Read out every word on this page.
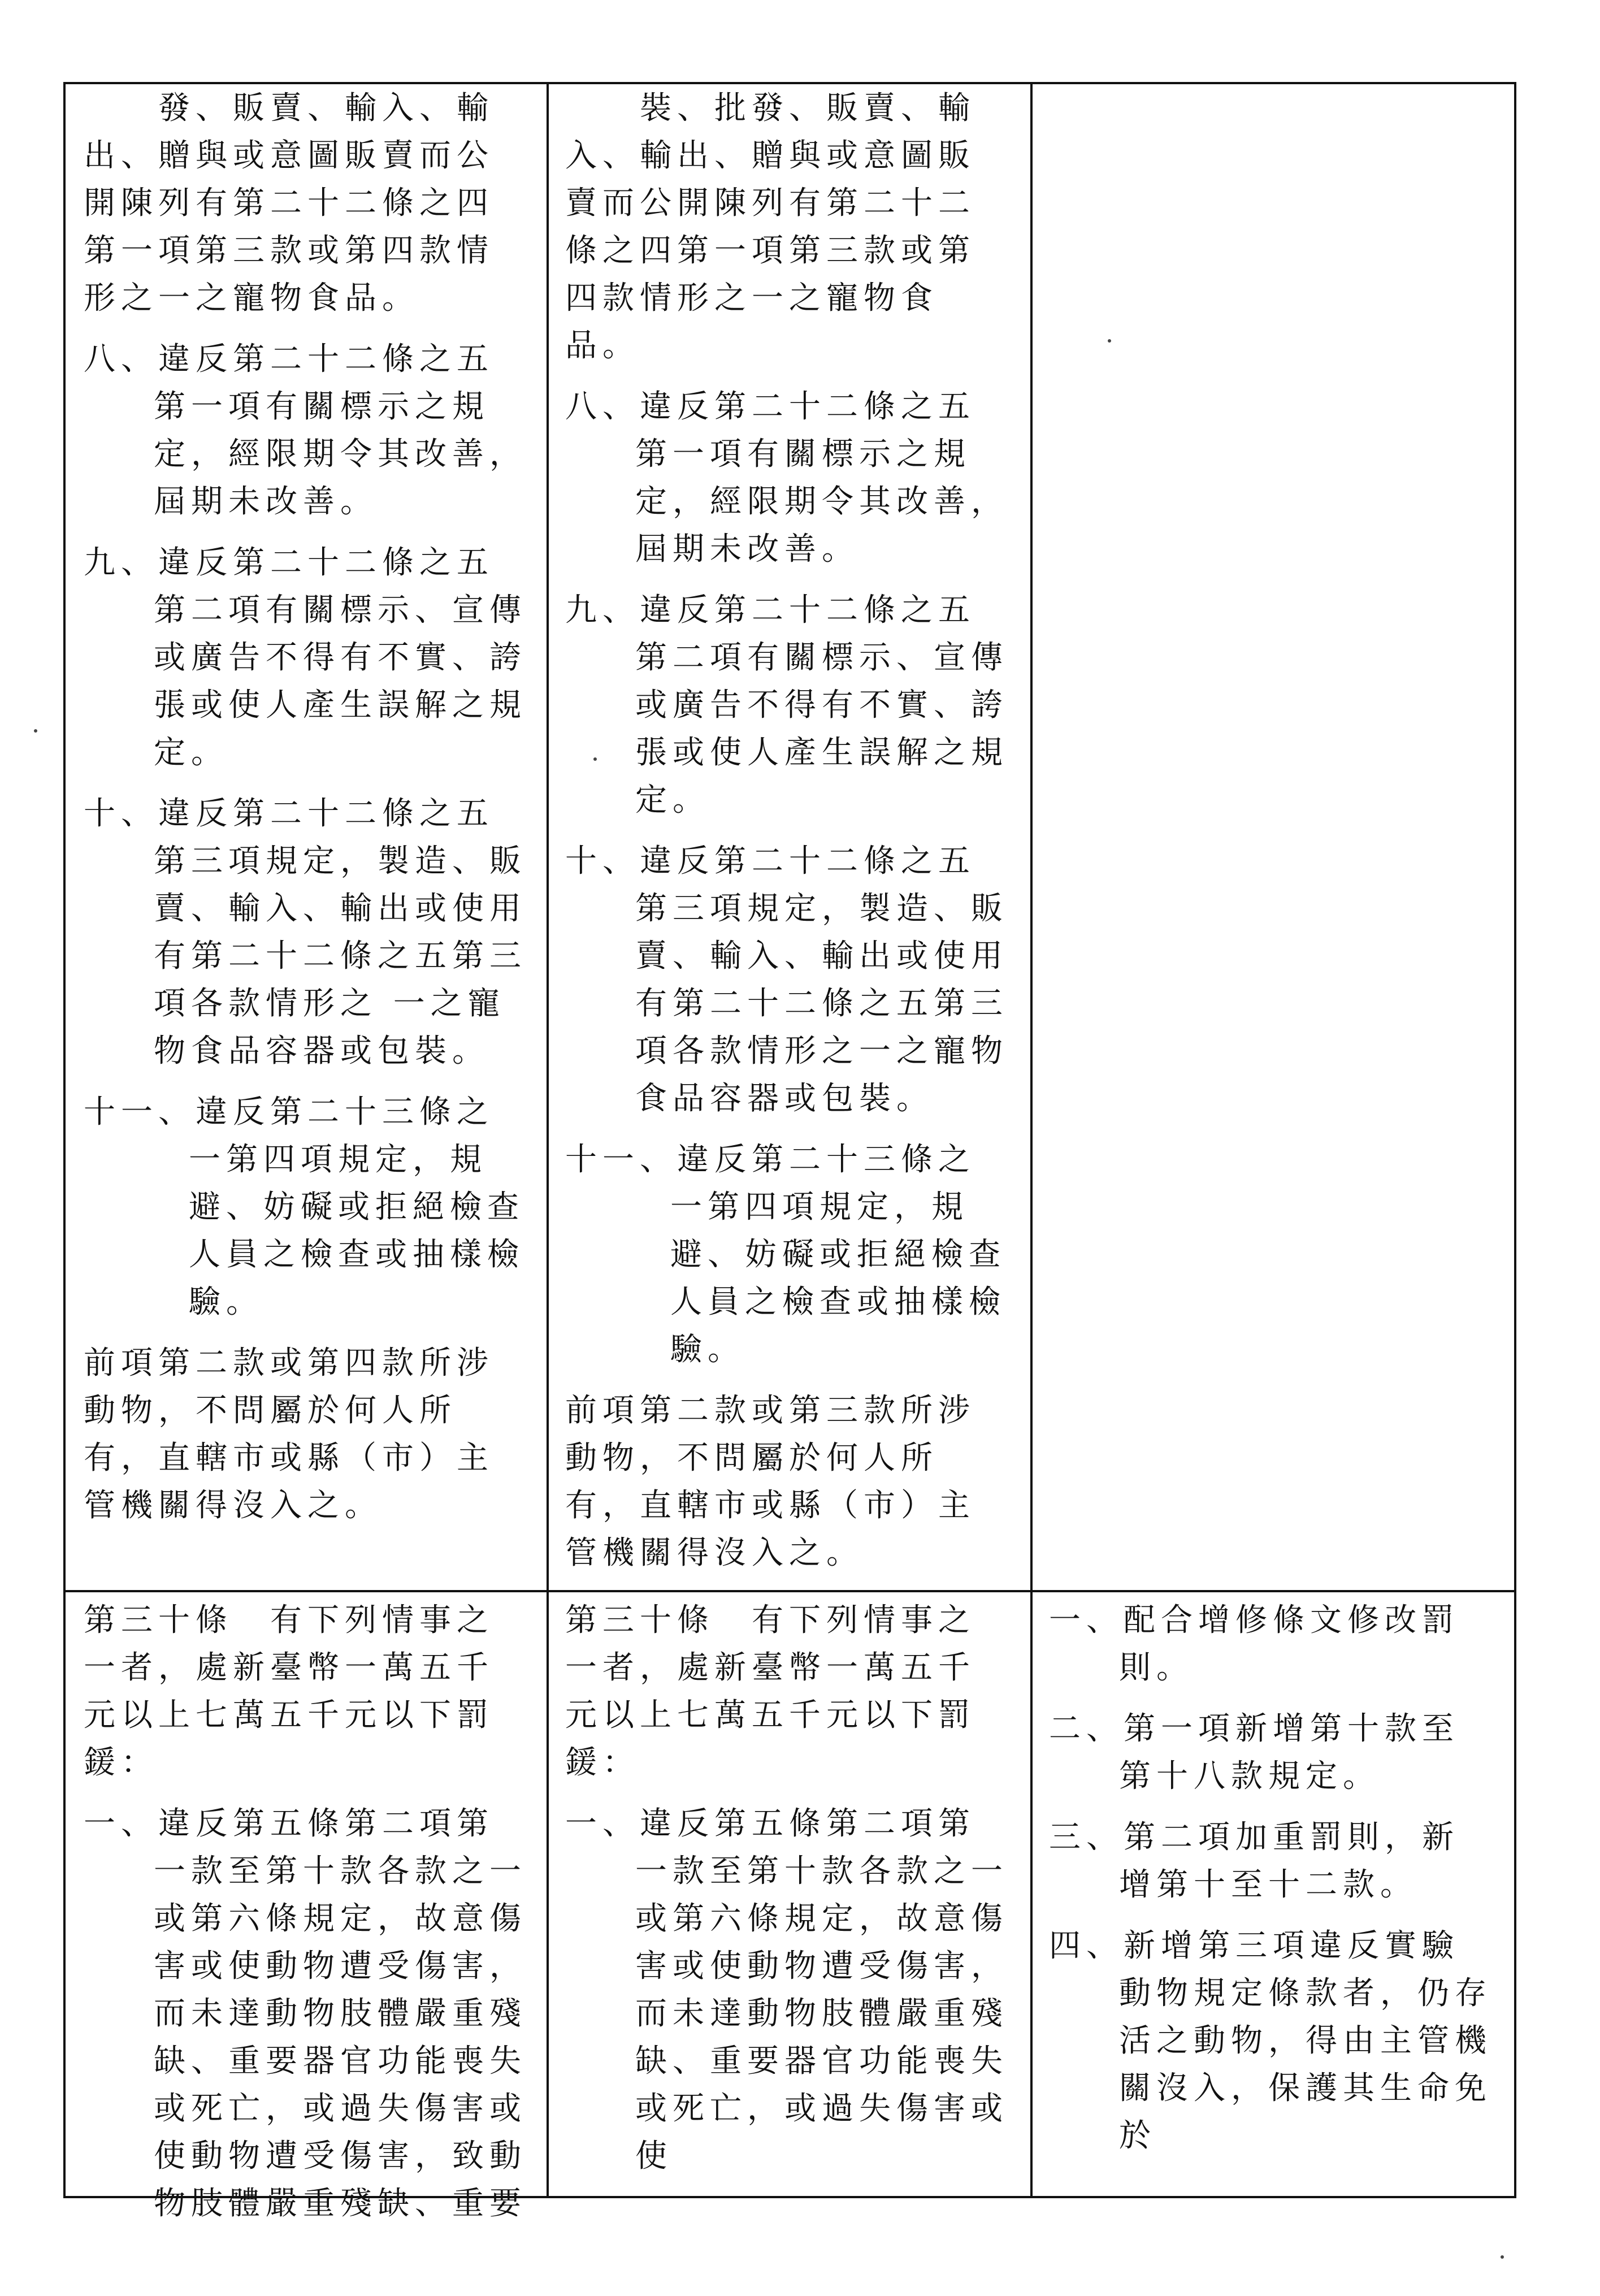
　　發、販賣、輸入、輸出、贈與或意圖販賣而公開陳列有第二十二條之四第一項第三款或第四款情形之一之寵物食品。
八、違反第二十二條之五第一項有關標示之規定，經限期令其改善，屆期未改善。
九、違反第二十二條之五第二項有關標示、宣傳或廣告不得有不實、誇張或使人產生誤解之規定。
十、違反第二十二條之五第三項規定，製造、販賣、輸入、輸出或使用有第二十二條之五第三項各款情形之 一之寵物食品容器或包裝。
十一、違反第二十三條之一第四項規定，規避、妨礙或拒絕檢查人員之檢查或抽樣檢驗。
前項第二款或第四款所涉動物，不問屬於何人所有，直轄市或縣（市）主管機關得沒入之。
　　裝、批發、販賣、輸入、輸出、贈與或意圖販賣而公開陳列有第二十二條之四第一項第三款或第四款情形之一之寵物食品。
八、違反第二十二條之五第一項有關標示之規定，經限期令其改善，屆期未改善。
九、違反第二十二條之五第二項有關標示、宣傳或廣告不得有不實、誇張或使人產生誤解之規定。
十、違反第二十二條之五第三項規定，製造、販賣、輸入、輸出或使用有第二十二條之五第三項各款情形之一之寵物食品容器或包裝。
十一、違反第二十三條之一第四項規定，規避、妨礙或拒絕檢查人員之檢查或抽樣檢驗。
前項第二款或第三款所涉動物，不問屬於何人所有，直轄市或縣（市）主管機關得沒入之。
第三十條　有下列情事之一者，處新臺幣一萬五千元以上七萬五千元以下罰鍰：
一、違反第五條第二項第一款至第十款各款之一或第六條規定，故意傷害或使動物遭受傷害，而未達動物肢體嚴重殘缺、重要器官功能喪失或死亡，或過失傷害或使動物遭受傷害，致動物肢體嚴重殘缺、重要
第三十條　有下列情事之一者，處新臺幣一萬五千元以上七萬五千元以下罰鍰：
一、違反第五條第二項第一款至第十款各款之一或第六條規定，故意傷害或使動物遭受傷害，而未達動物肢體嚴重殘缺、重要器官功能喪失或死亡，或過失傷害或使
一、配合增修條文修改罰則。
二、第一項新增第十款至第十八款規定。
三、第二項加重罰則，新增第十至十二款。
四、新增第三項違反實驗動物規定條款者，仍存活之動物，得由主管機關沒入，保護其生命免於
